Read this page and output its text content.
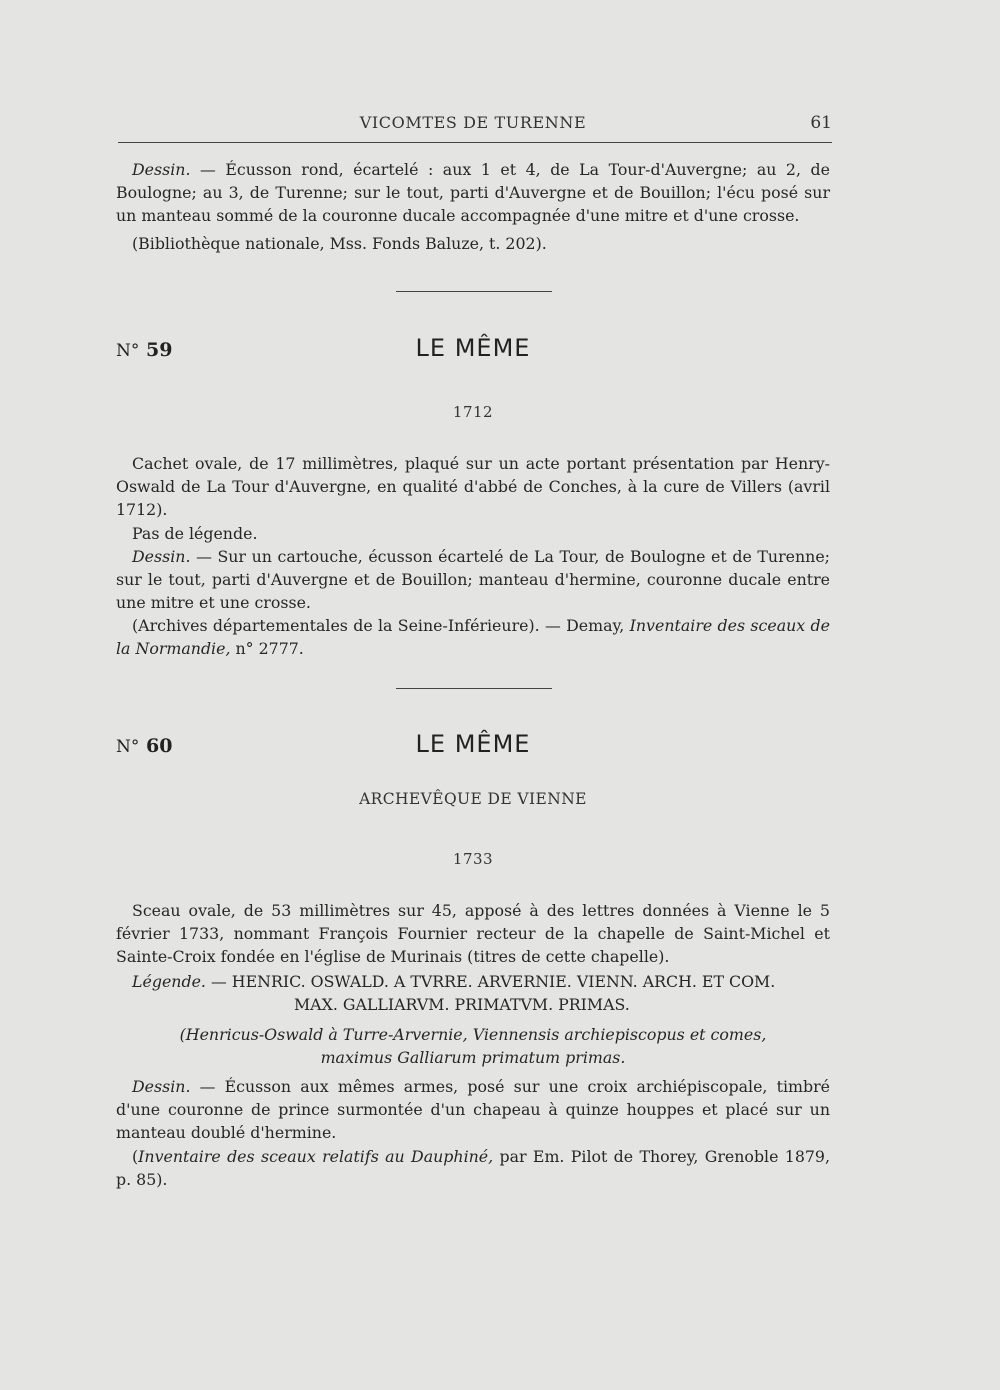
VICOMTES DE TURENNE	61

Dessin. — Écusson rond, écartelé : aux 1 et 4, de La Tour-d'Auvergne; au 2, de Boulogne; au 3, de Turenne; sur le tout, parti d'Auvergne et de Bouillon; l'écu posé sur un manteau sommé de la couronne ducale accompagnée d'une mitre et d'une crosse.

(Bibliothèque nationale, Mss. Fonds Baluze, t. 202).

N° 59	LE MÊME
1712

Cachet ovale, de 17 millimètres, plaqué sur un acte portant présentation par Henry-Oswald de La Tour d'Auvergne, en qualité d'abbé de Conches, à la cure de Villers (avril 1712).

Pas de légende.

Dessin. — Sur un cartouche, écusson écartelé de La Tour, de Boulogne et de Turenne; sur le tout, parti d'Auvergne et de Bouillon; manteau d'hermine, couronne ducale entre une mitre et une crosse.

(Archives départementales de la Seine-Inférieure). — Demay, Inventaire des sceaux de la Normandie, n° 2777.

N° 60	LE MÊME
ARCHEVÊQUE DE VIENNE
1733

Sceau ovale, de 53 millimètres sur 45, apposé à des lettres données à Vienne le 5 février 1733, nommant François Fournier recteur de la chapelle de Saint-Michel et Sainte-Croix fondée en l'église de Murinais (titres de cette chapelle).

Légende. — HENRIC. OSWALD. A TVRRE. ARVERNIE. VIENN. ARCH. ET COM.
MAX. GALLIARVM. PRIMATVM. PRIMAS.

(Henricus-Oswald à Turre-Arvernie, Viennensis archiepiscopus et comes,

maximus Galliarum primatum primas.

Dessin. — Écusson aux mêmes armes, posé sur une croix archiépiscopale, timbré d'une couronne de prince surmontée d'un chapeau à quinze houppes et placé sur un manteau doublé d'hermine.

(Inventaire des sceaux relatifs au Dauphiné, par Em. Pilot de Thorey, Grenoble 1879, p. 85).
